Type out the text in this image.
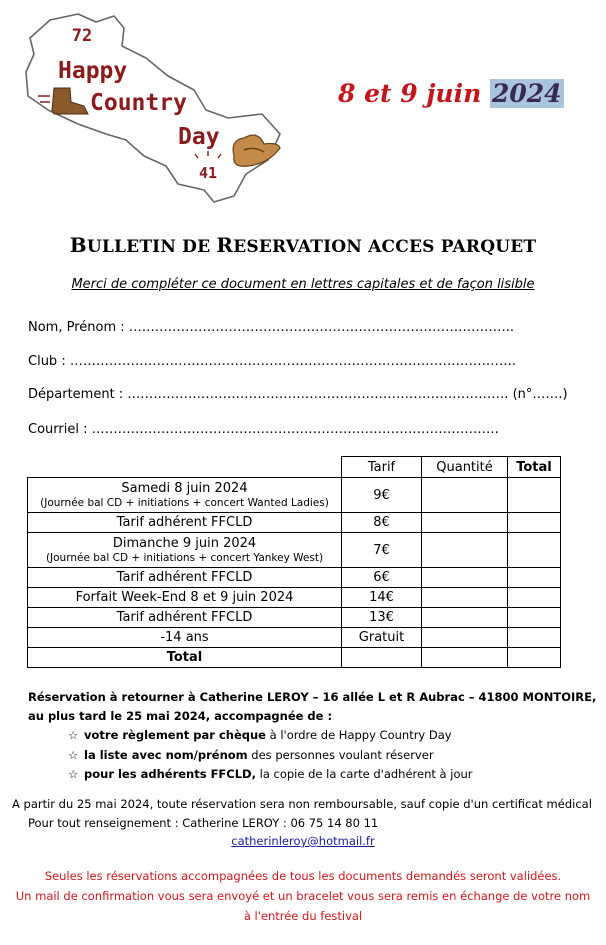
72
Happy
Country
Day
41
8 et 9 juin 2024
BULLETIN DE RESERVATION ACCES PARQUET
Merci de compléter ce document en lettres capitales et de façon lisible
Nom, Prénom : ……………………………………………………………………………..
Club : ………………………………………………………………………………………….
Département : ……………………………………………………………………………. (n°…….)
Courriel : ………………………………………………………………………………….
	Tarif	Quantité	Total
Samedi 8 juin 2024
(Journée bal CD + initiations + concert Wanted Ladies)	9€		
Tarif adhérent FFCLD	8€		
Dimanche 9 juin 2024
(Journée bal CD + initiations + concert Yankey West)	7€		
Tarif adhérent FFCLD	6€		
Forfait Week-End 8 et 9 juin 2024	14€		
Tarif adhérent FFCLD	13€		
-14 ans	Gratuit		
Total			
Réservation à retourner à Catherine LEROY – 16 allée L et R Aubrac – 41800 MONTOIRE,
au plus tard le 25 mai 2024, accompagnée de :
☆ votre règlement par chèque à l'ordre de Happy Country Day
☆ la liste avec nom/prénom des personnes voulant réserver
☆ pour les adhérents FFCLD, la copie de la carte d'adhérent à jour
A partir du 25 mai 2024, toute réservation sera non remboursable, sauf copie d'un certificat médical
Pour tout renseignement : Catherine LEROY : 06 75 14 80 11
catherinleroy@hotmail.fr
Seules les réservations accompagnées de tous les documents demandés seront validées.
Un mail de confirmation vous sera envoyé et un bracelet vous sera remis en échange de votre nom
à l'entrée du festival
